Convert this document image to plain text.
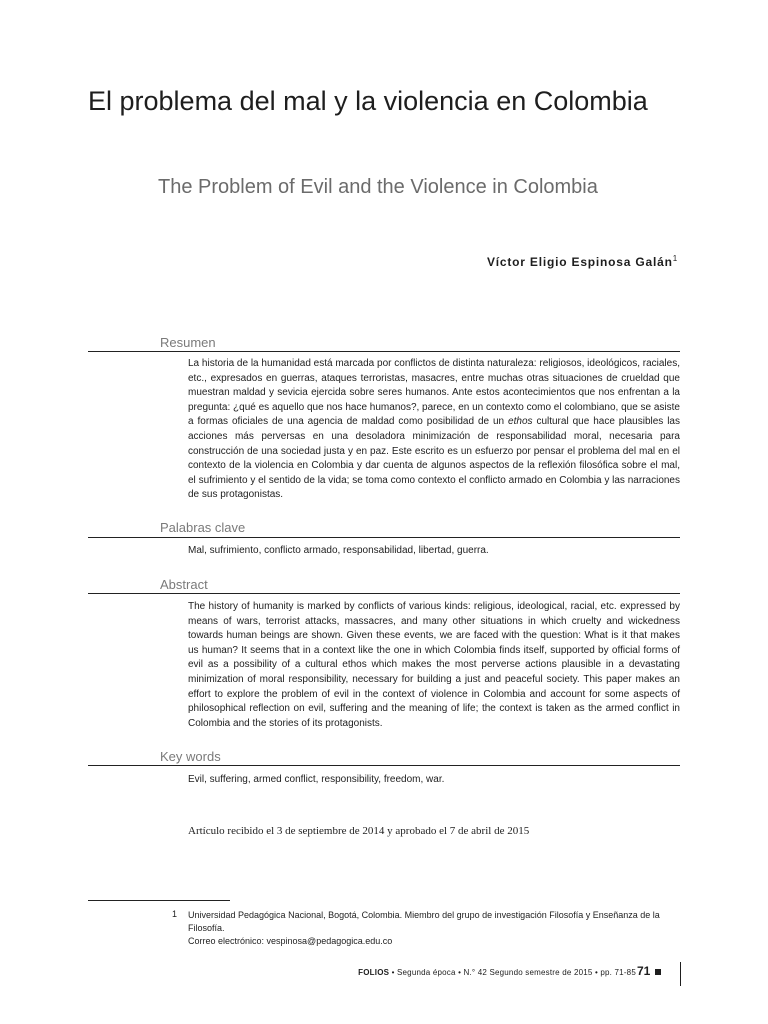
El problema del mal y la violencia en Colombia
The Problem of Evil and the Violence in Colombia
Víctor Eligio Espinosa Galán$^1$
Resumen

La historia de la humanidad está marcada por conflictos de distinta naturaleza: religiosos, ideológicos, raciales, etc., expresados en guerras, ataques terroristas, masacres, entre muchas otras situaciones de crueldad que muestran maldad y sevicia ejercida sobre seres humanos. Ante estos acontecimientos que nos enfrentan a la pregunta: ¿qué es aquello que nos hace humanos?, parece, en un contexto como el colombiano, que se asiste a formas oficiales de una agencia de maldad como posibilidad de un ethos cultural que hace plausibles las acciones más perversas en una desoladora minimización de responsabilidad moral, necesaria para construcción de una sociedad justa y en paz. Este escrito es un esfuerzo por pensar el problema del mal en el contexto de la violencia en Colombia y dar cuenta de algunos aspectos de la reflexión filosófica sobre el mal, el sufrimiento y el sentido de la vida; se toma como contexto el conflicto armado en Colombia y las narraciones de sus protagonistas.

Palabras clave

Mal, sufrimiento, conflicto armado, responsabilidad, libertad, guerra.

Abstract

The history of humanity is marked by conflicts of various kinds: religious, ideological, racial, etc. expressed by means of wars, terrorist attacks, massacres, and many other situations in which cruelty and wickedness towards human beings are shown. Given these events, we are faced with the question: What is it that makes us human? It seems that in a context like the one in which Colombia finds itself, supported by official forms of evil as a possibility of a cultural ethos which makes the most perverse actions plausible in a devastating minimization of moral responsibility, necessary for building a just and peaceful society. This paper makes an effort to explore the problem of evil in the context of violence in Colombia and account for some aspects of philosophical reflection on evil, suffering and the meaning of life; the context is taken as the armed conflict in Colombia and the stories of its protagonists.

Key words

Evil, suffering, armed conflict, responsibility, freedom, war.

Artículo recibido el 3 de septiembre de 2014 y aprobado el 7 de abril de 2015
1 Universidad Pedagógica Nacional, Bogotá, Colombia. Miembro del grupo de investigación Filosofía y Enseñanza de la Filosofía.
Correo electrónico: vespinosa@pedagogica.edu.co
FOLIOS • Segunda época • N.° 42 Segundo semestre de 2015 • pp. 71-85 71
